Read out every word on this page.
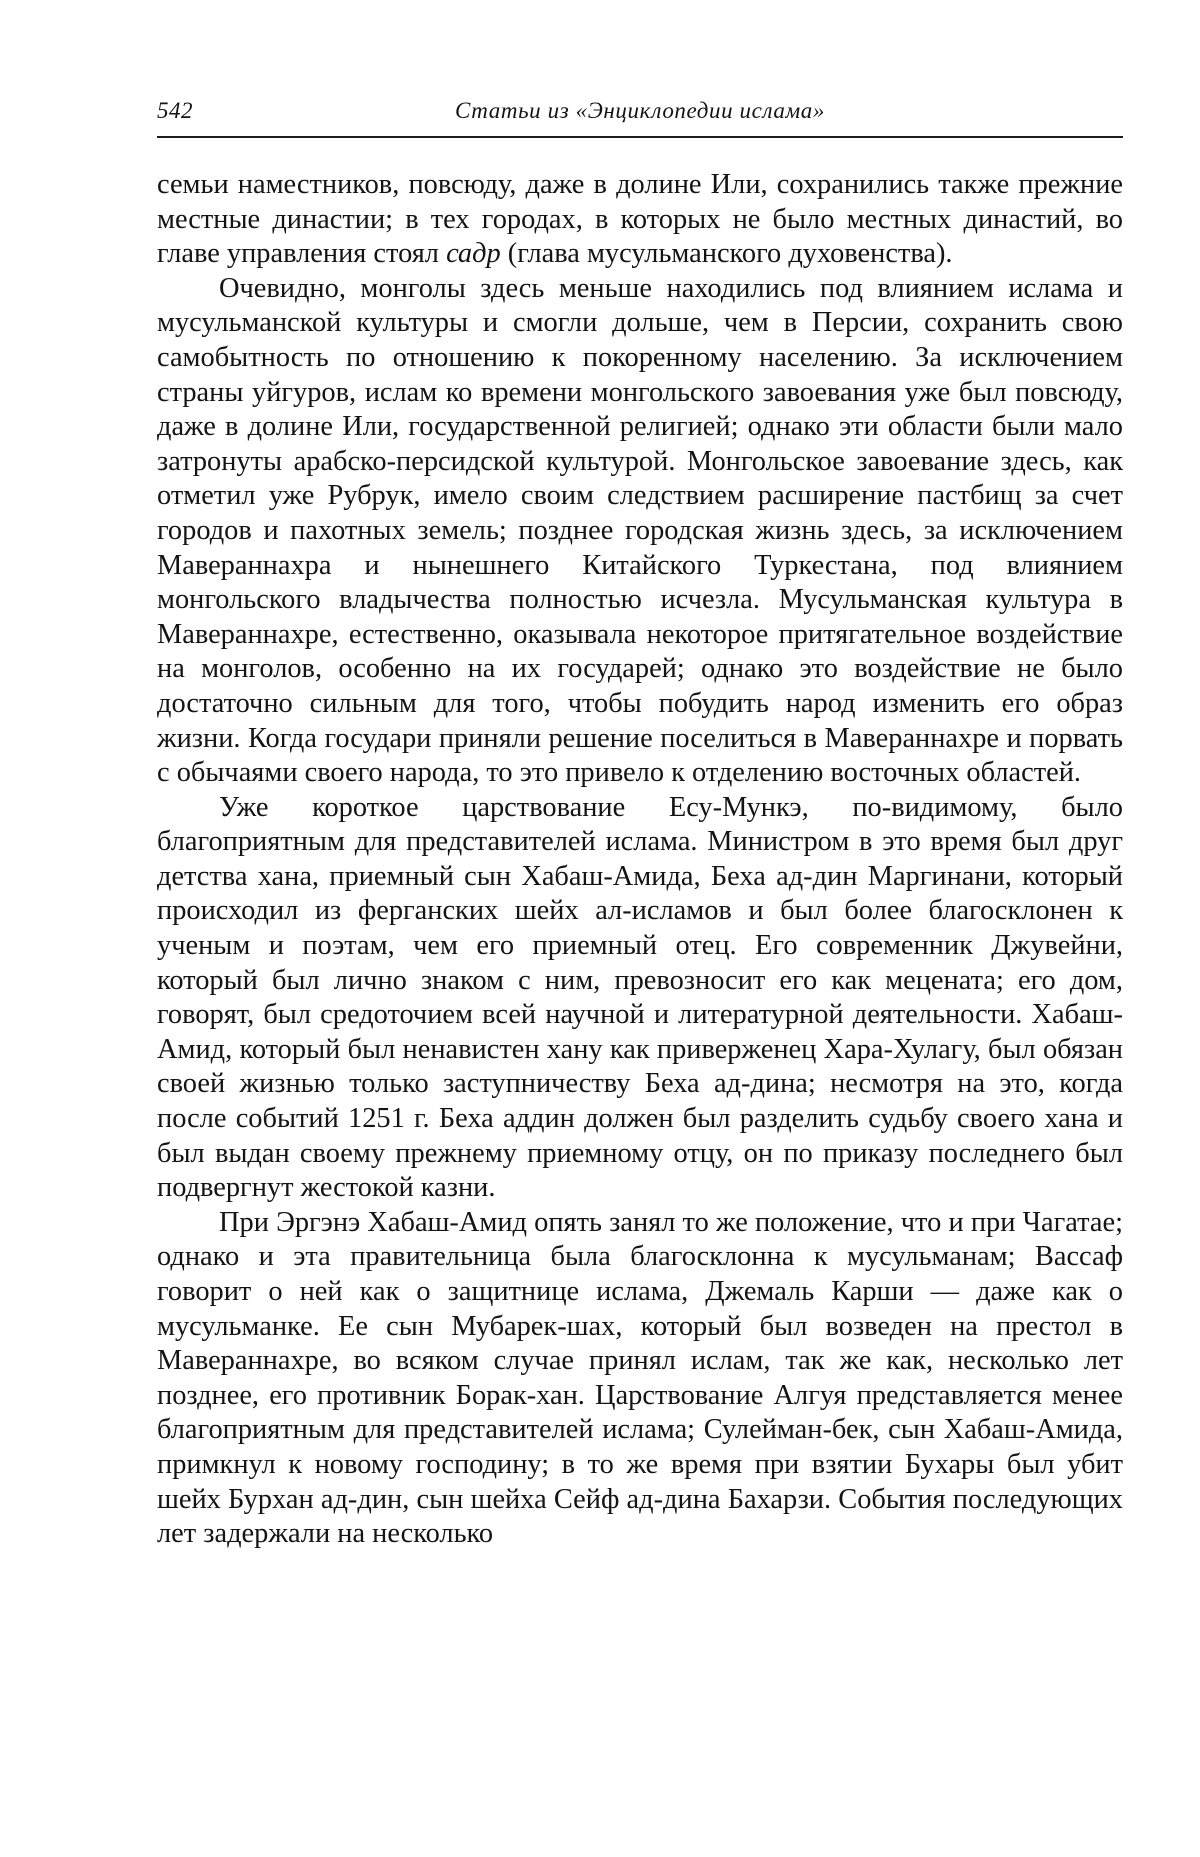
542	Статьи из «Энциклопедии ислама»

семьи наместников, повсюду, даже в долине Или, сохранились также прежние местные династии; в тех городах, в которых не было местных династий, во главе управления стоял садр (глава мусульманского духовенства).

Очевидно, монголы здесь меньше находились под влиянием ислама и мусульманской культуры и смогли дольше, чем в Персии, сохранить свою самобытность по отношению к покоренному населению. За исключением страны уйгуров, ислам ко времени монгольского завоевания уже был повсюду, даже в долине Или, государственной религией; однако эти области были мало затронуты арабско-персидской культурой. Монгольское завоевание здесь, как отметил уже Рубрук, имело своим следствием расширение пастбищ за счет городов и пахотных земель; позднее городская жизнь здесь, за исключением Мавераннахра и нынешнего Китайского Туркестана, под влиянием монгольского владычества полностью исчезла. Мусульманская культура в Мавераннахре, естественно, оказывала некоторое притягательное воздействие на монголов, особенно на их государей; однако это воздействие не было достаточно сильным для того, чтобы побудить народ изменить его образ жизни. Когда государи приняли решение поселиться в Мавераннахре и порвать с обычаями своего народа, то это привело к отделению восточных областей.

Уже короткое царствование Есу-Мункэ, по-видимому, было благоприятным для представителей ислама. Министром в это время был друг детства хана, приемный сын Хабаш-Амида, Беха ад-дин Маргинани, который происходил из ферганских шейх ал-исламов и был более благосклонен к ученым и поэтам, чем его приемный отец. Его современник Джувейни, который был лично знаком с ним, превозносит его как мецената; его дом, говорят, был средоточием всей научной и литературной деятельности. Хабаш-Амид, который был ненавистен хану как приверженец Хара-Хулагу, был обязан своей жизнью только заступничеству Беха ад-дина; несмотря на это, когда после событий 1251 г. Беха аддин должен был разделить судьбу своего хана и был выдан своему прежнему приемному отцу, он по приказу последнего был подвергнут жестокой казни.

При Эргэнэ Хабаш-Амид опять занял то же положение, что и при Чагатае; однако и эта правительница была благосклонна к мусульманам; Вассаф говорит о ней как о защитнице ислама, Джемаль Карши — даже как о мусульманке. Ее сын Мубарек-шах, который был возведен на престол в Мавераннахре, во всяком случае принял ислам, так же как, несколько лет позднее, его противник Борак-хан. Царствование Алгуя представляется менее благоприятным для представителей ислама; Сулейман-бек, сын Хабаш-Амида, примкнул к новому господину; в то же время при взятии Бухары был убит шейх Бурхан ад-дин, сын шейха Сейф ад-дина Бахарзи. События последующих лет задержали на несколько
